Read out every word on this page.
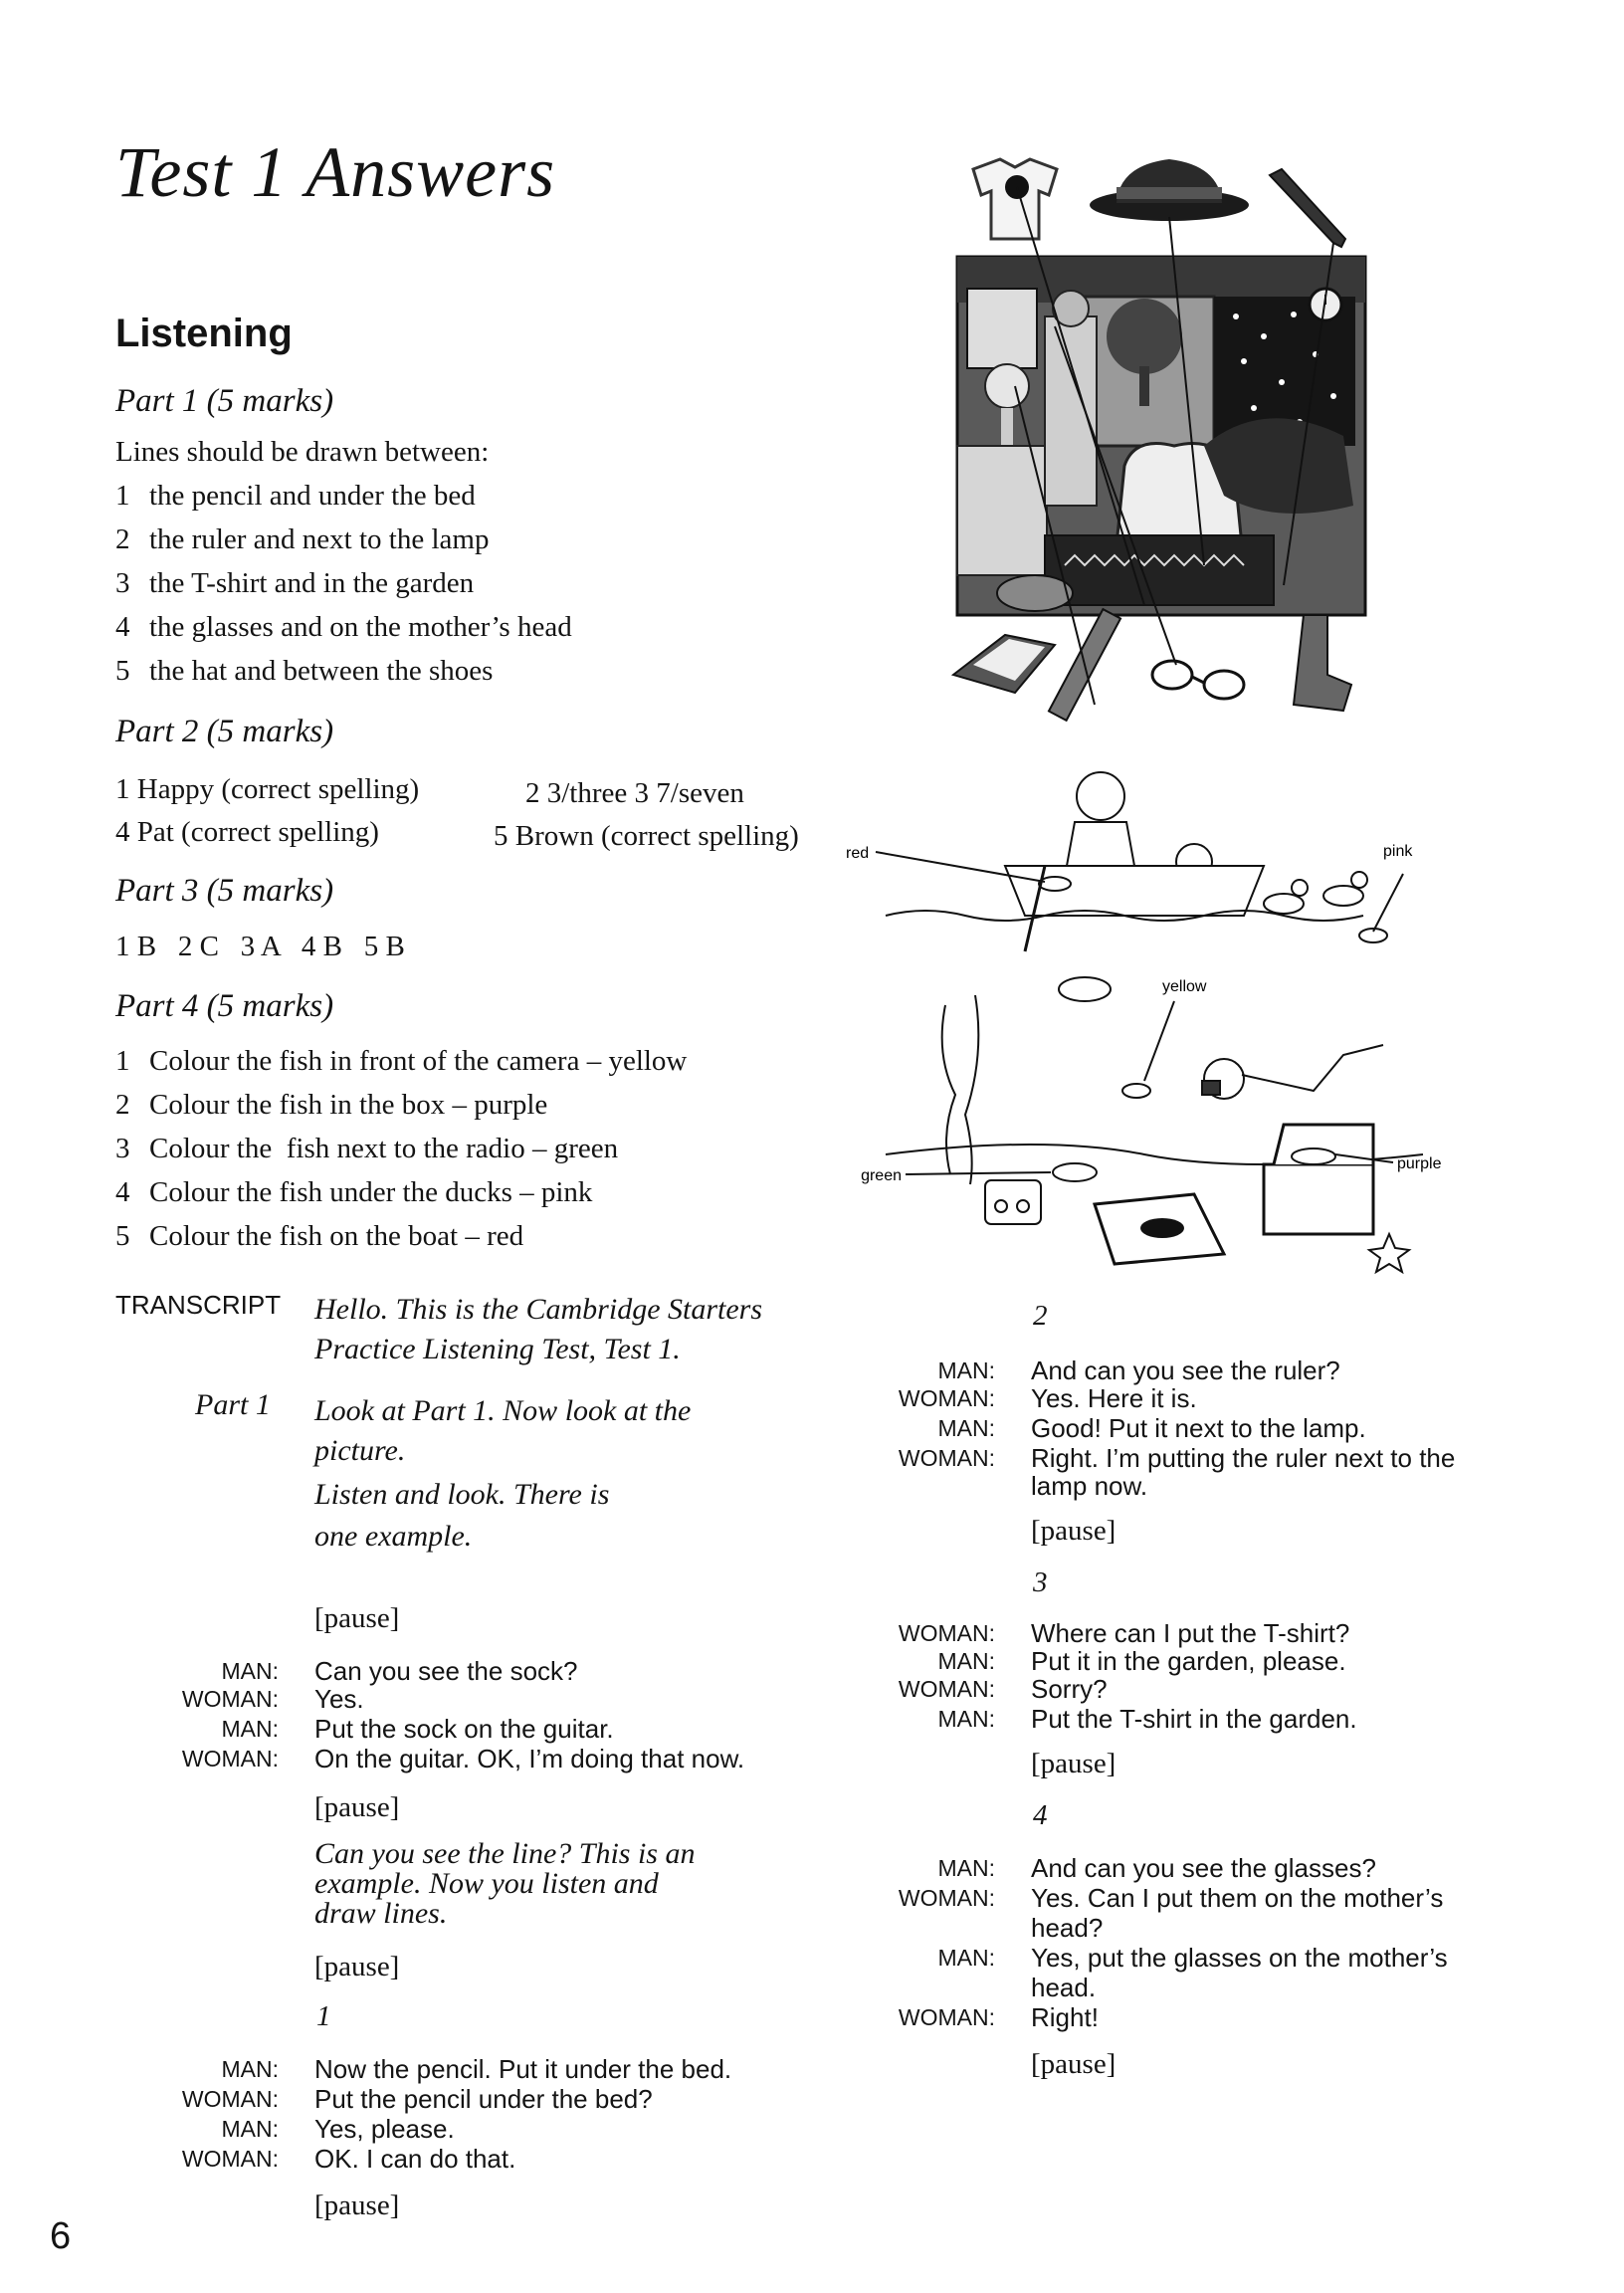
Test 1 Answers
Listening
Part 1 (5 marks)
Lines should be drawn between:
1 the pencil and under the bed
2 the ruler and next to the lamp
3 the T-shirt and in the garden
4 the glasses and on the mother’s head
5 the hat and between the shoes
Part 2 (5 marks)
1 Happy (correct spelling)	2 3/three 3 7/seven
4 Pat (correct spelling)	5 Brown (correct spelling)
Part 3 (5 marks)
1 B   2 C   3 A   4 B   5 B
Part 4 (5 marks)
1 Colour the fish in front of the camera – yellow
2 Colour the fish in the box – purple
3 Colour the  fish next to the radio – green
4 Colour the fish under the ducks – pink
5 Colour the fish on the boat – red
red	pink
yellow
green
purple
TRANSCRIPT Hello. This is the Cambridge Starters
Practice Listening Test, Test 1.
Part 1 Look at Part 1. Now look at the
picture.
Listen and look. There is
one example.
[pause]
MAN: Can you see the sock?
WOMAN: Yes.
MAN: Put the sock on the guitar.
WOMAN: On the guitar. OK, I’m doing that now.
[pause]
Can you see the line? This is an
example. Now you listen and
draw lines.
[pause]
1
MAN: Now the pencil. Put it under the bed.
WOMAN: Put the pencil under the bed?
MAN: Yes, please.
WOMAN: OK. I can do that.
[pause]
2
MAN: And can you see the ruler?
WOMAN: Yes. Here it is.
MAN: Good! Put it next to the lamp.
WOMAN: Right. I’m putting the ruler next to the
lamp now.
[pause]
3
WOMAN: Where can I put the T-shirt?
MAN: Put it in the garden, please.
WOMAN: Sorry?
MAN: Put the T-shirt in the garden.
[pause]
4
MAN: And can you see the glasses?
WOMAN: Yes. Can I put them on the mother’s
head?
MAN: Yes, put the glasses on the mother’s
head.
WOMAN: Right!
[pause]
6
